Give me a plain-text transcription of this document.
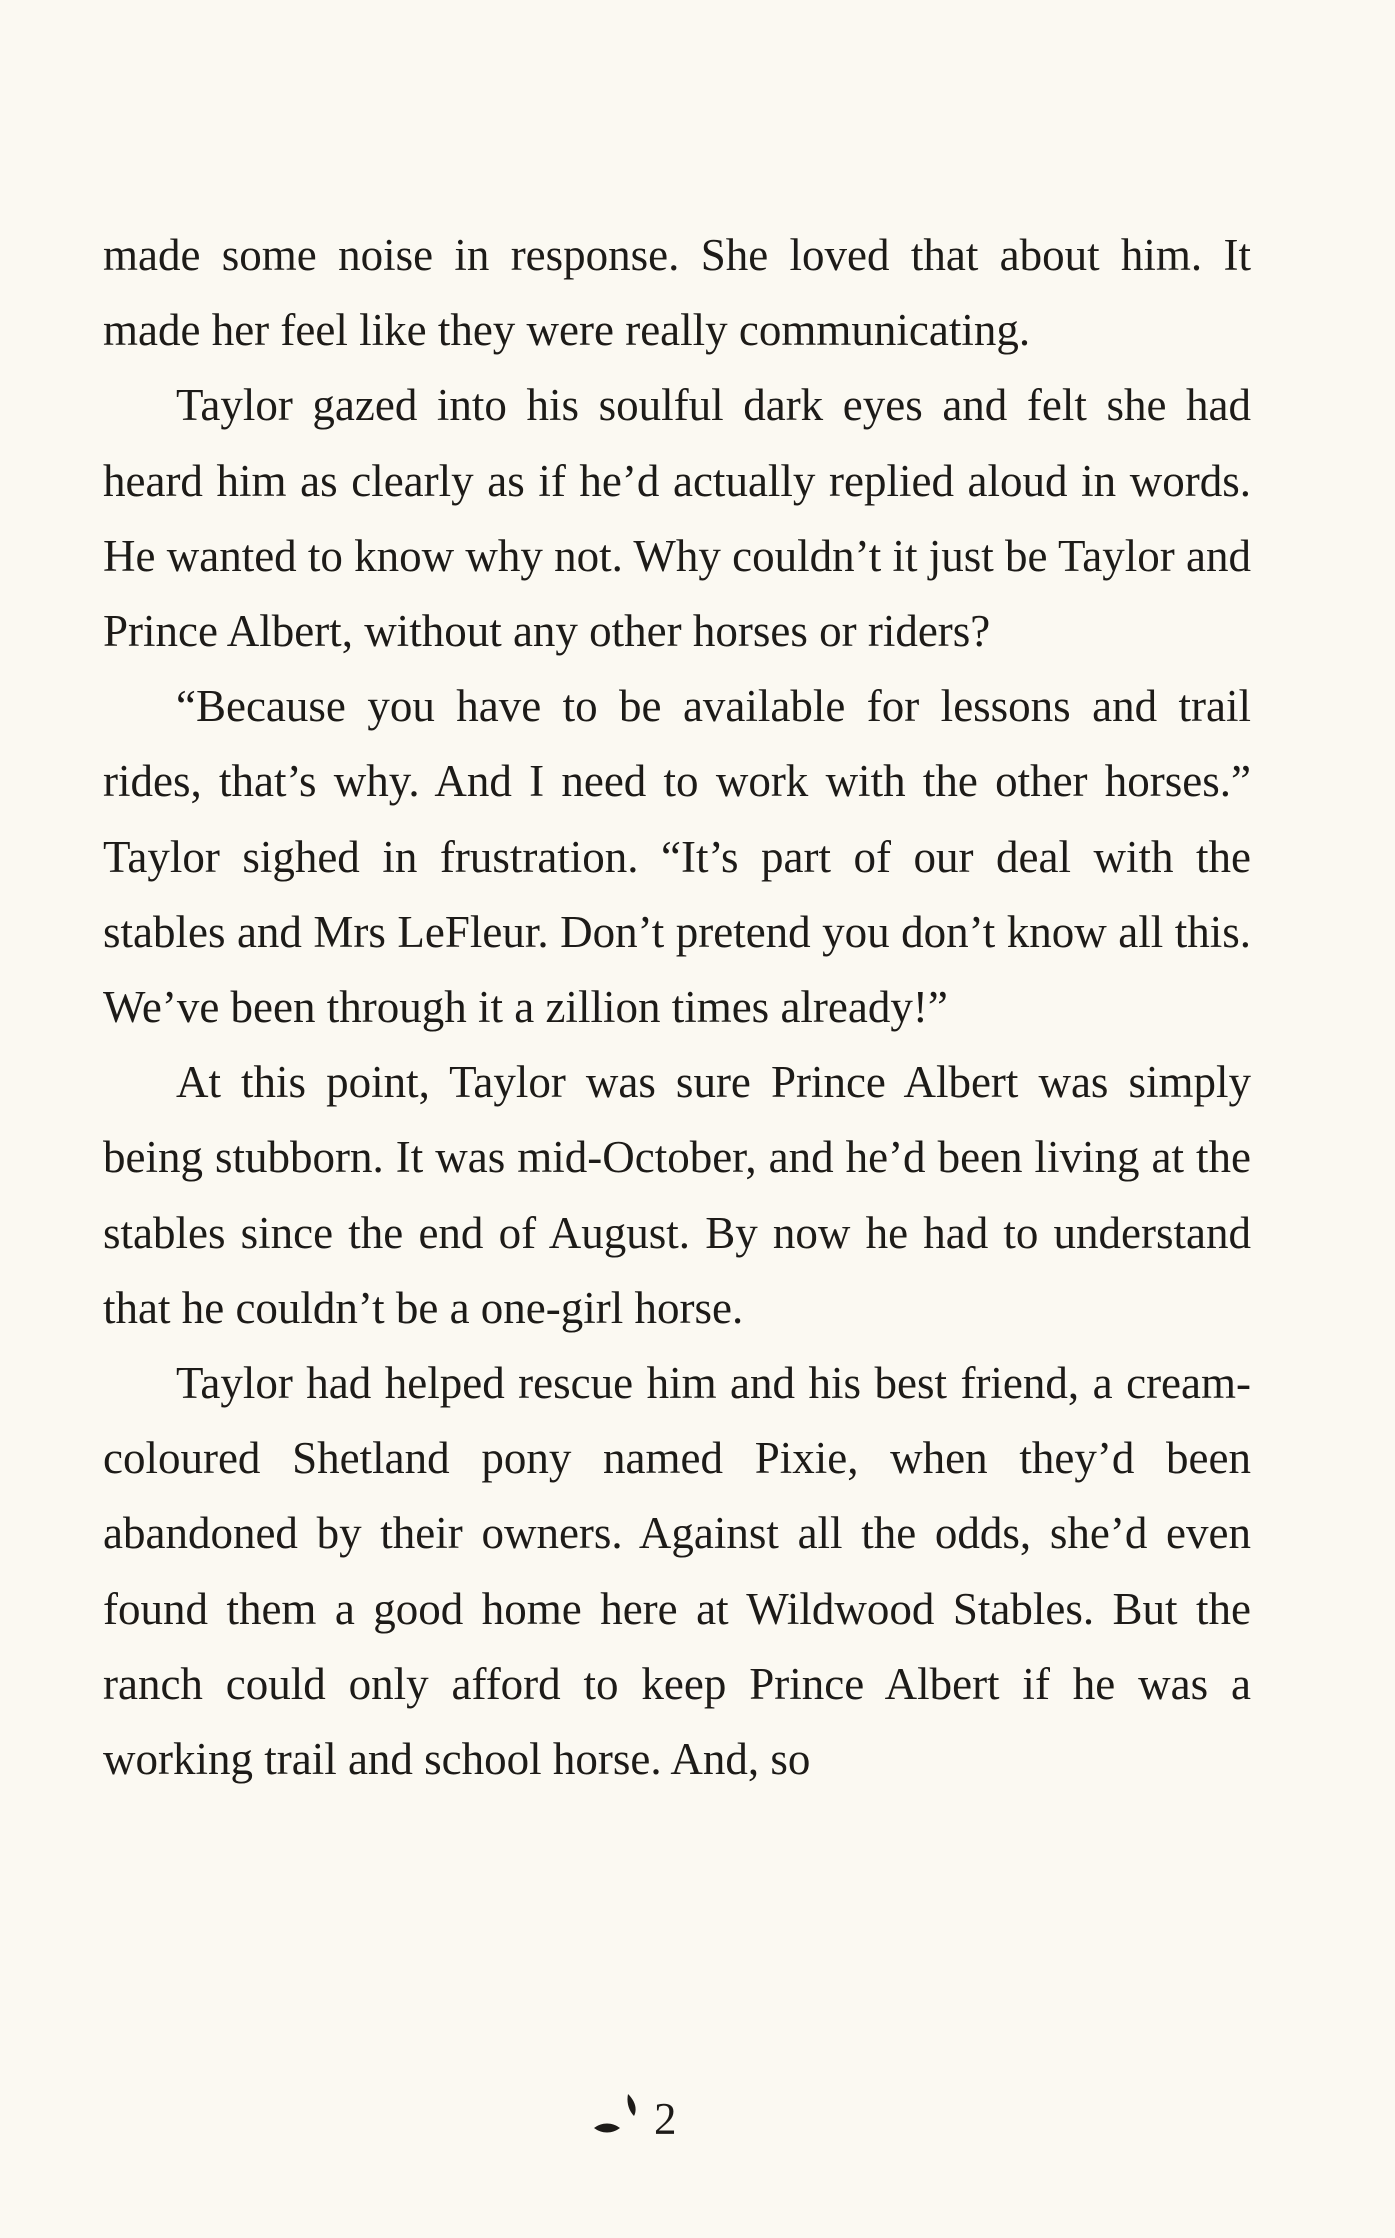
made some noise in response. She loved that about him. It made her feel like they were really communicating.

Taylor gazed into his soulful dark eyes and felt she had heard him as clearly as if he’d actually replied aloud in words. He wanted to know why not. Why couldn’t it just be Taylor and Prince Albert, without any other horses or riders?

“Because you have to be available for lessons and trail rides, that’s why. And I need to work with the other horses.” Taylor sighed in frustration. “It’s part of our deal with the stables and Mrs LeFleur. Don’t pretend you don’t know all this. We’ve been through it a zillion times already!”

At this point, Taylor was sure Prince Albert was simply being stubborn. It was mid-October, and he’d been living at the stables since the end of August. By now he had to understand that he couldn’t be a one-girl horse.

Taylor had helped rescue him and his best friend, a cream-coloured Shetland pony named Pixie, when they’d been abandoned by their owners. Against all the odds, she’d even found them a good home here at Wildwood Stables. But the ranch could only afford to keep Prince Albert if he was a working trail and school horse. And, so

2
